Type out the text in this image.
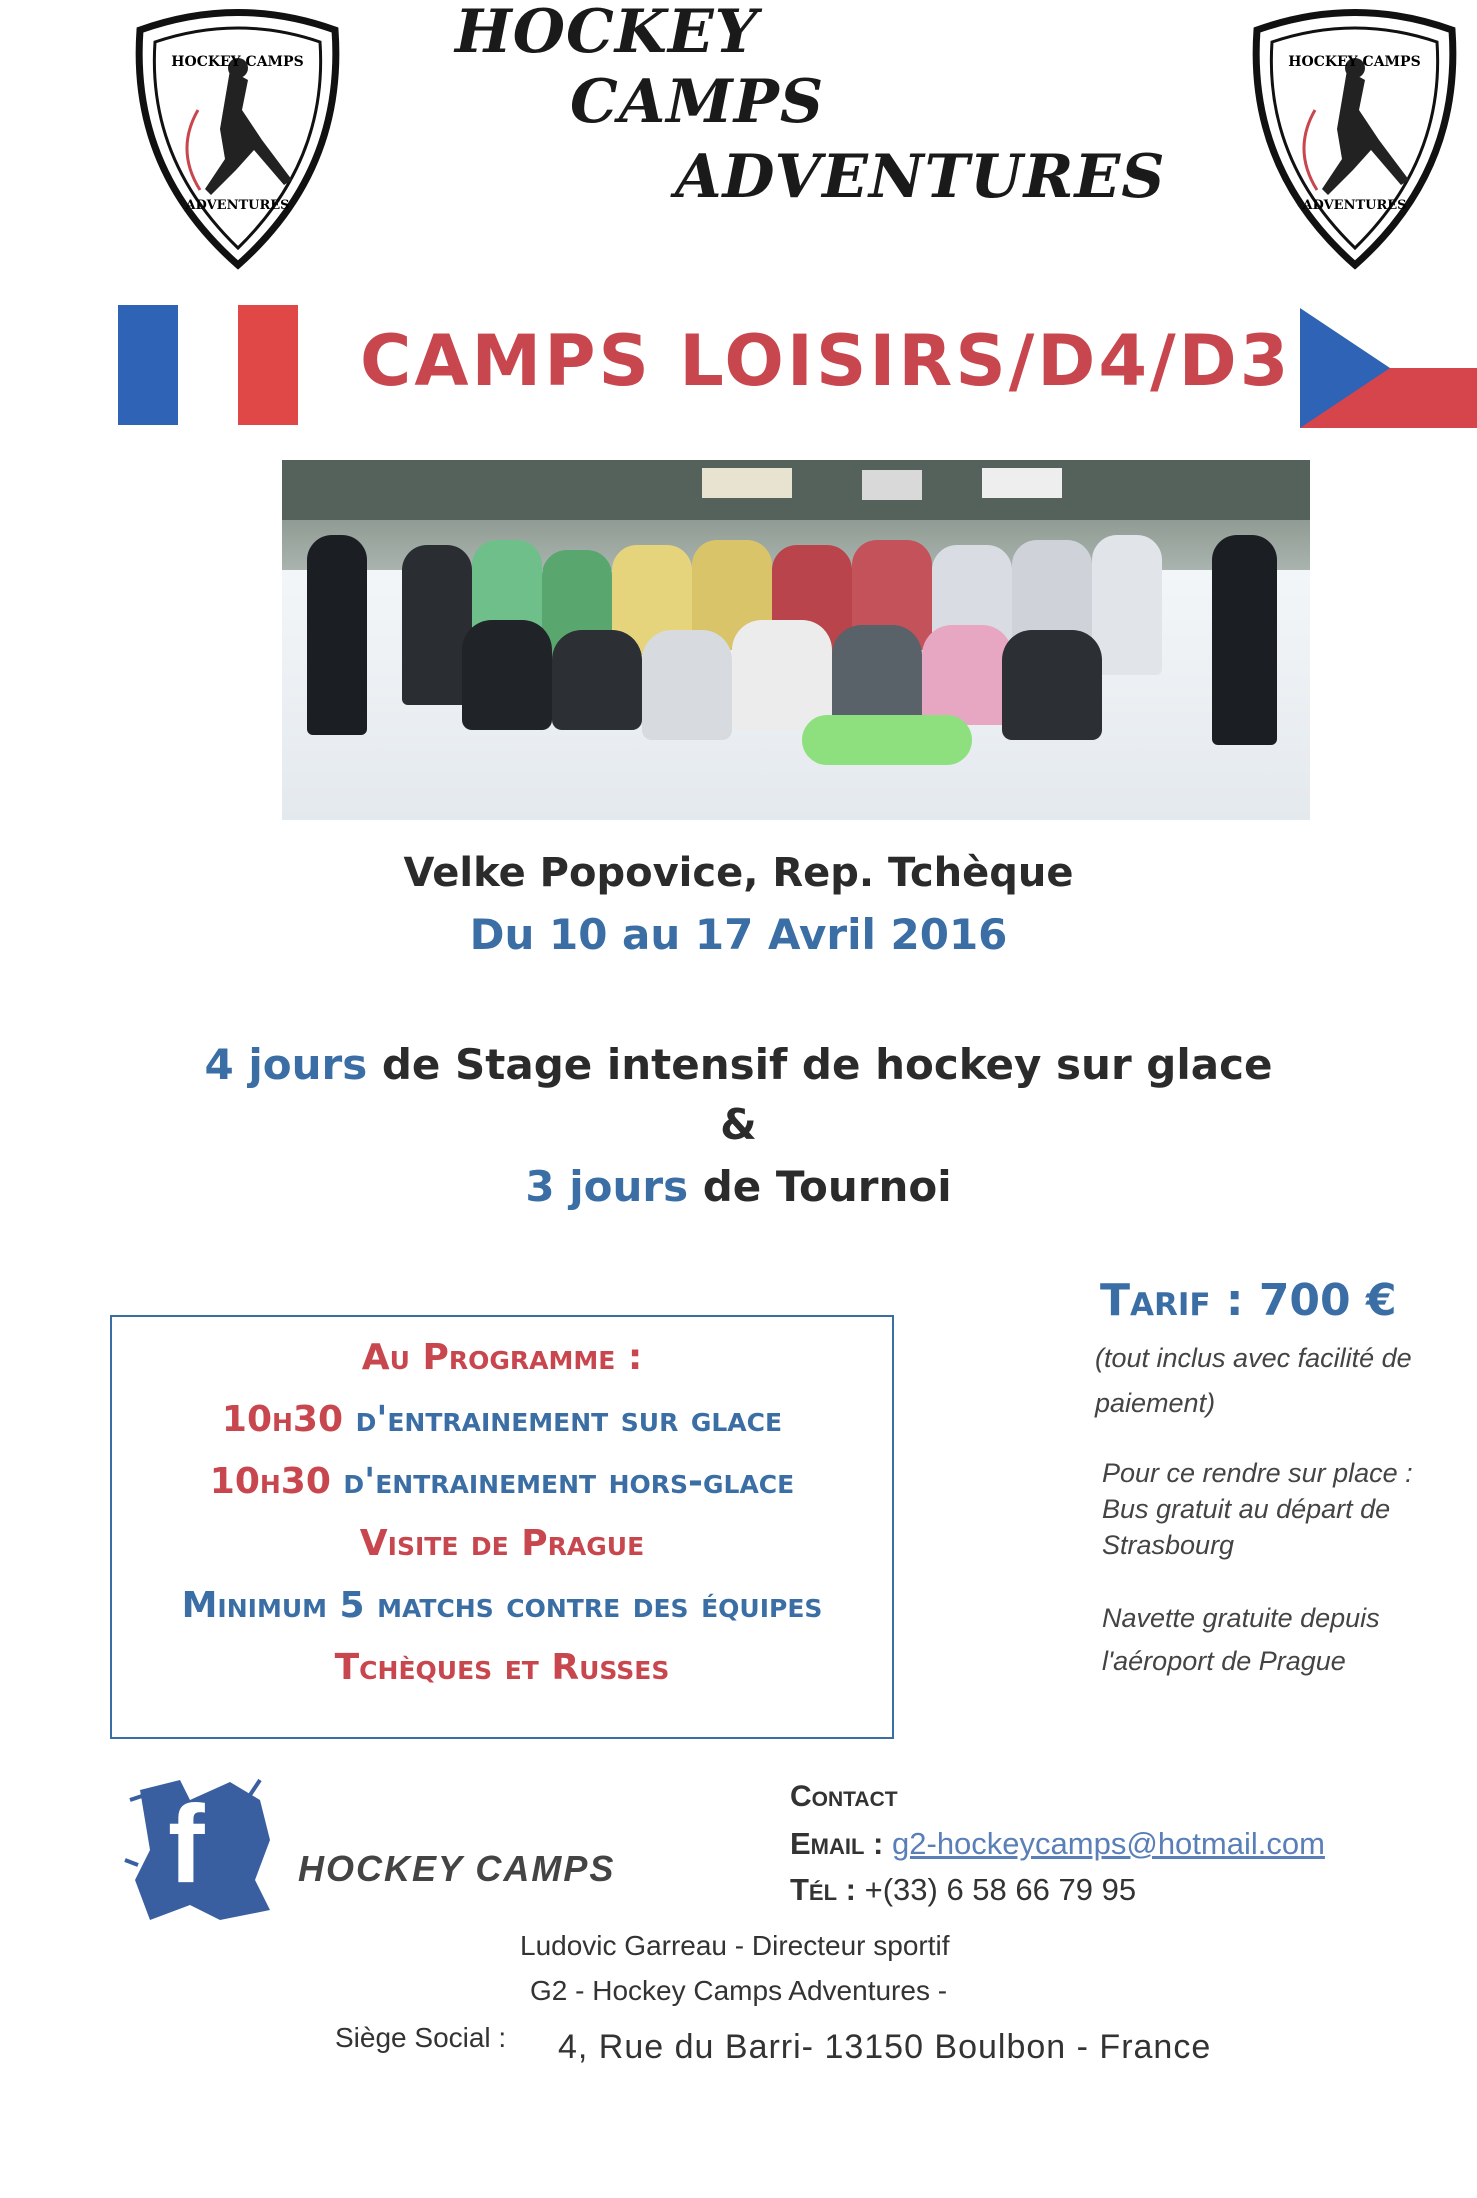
HOCKEY CAMPS
ADVENTURES
HOCKEY CAMPS
ADVENTURES
HOCKEY
CAMPS
ADVENTURES
CAMPS LOISIRS/D4/D3
Velke Popovice, Rep. Tchèque
Du 10 au 17 Avril 2016
4 jours de Stage intensif de hockey sur glace
&
3 jours de Tournoi
Au Programme :
10h30 d'entrainement sur glace
10h30 d'entrainement hors-glace
Visite de Prague
Minimum 5 matchs contre des équipes
Tchèques et Russes
Tarif : 700 €
(tout inclus avec facilité de
paiement)
Pour ce rendre sur place :
Bus gratuit au départ de
Strasbourg
Navette gratuite depuis
l'aéroport de Prague
f	HOCKEY CAMPS
Contact
Email : g2-hockeycamps@hotmail.com
Tél : +(33) 6 58 66 79 95
Ludovic Garreau - Directeur sportif
G2 - Hockey Camps Adventures -
Siège Social : 4, Rue du Barri- 13150 Boulbon - France
